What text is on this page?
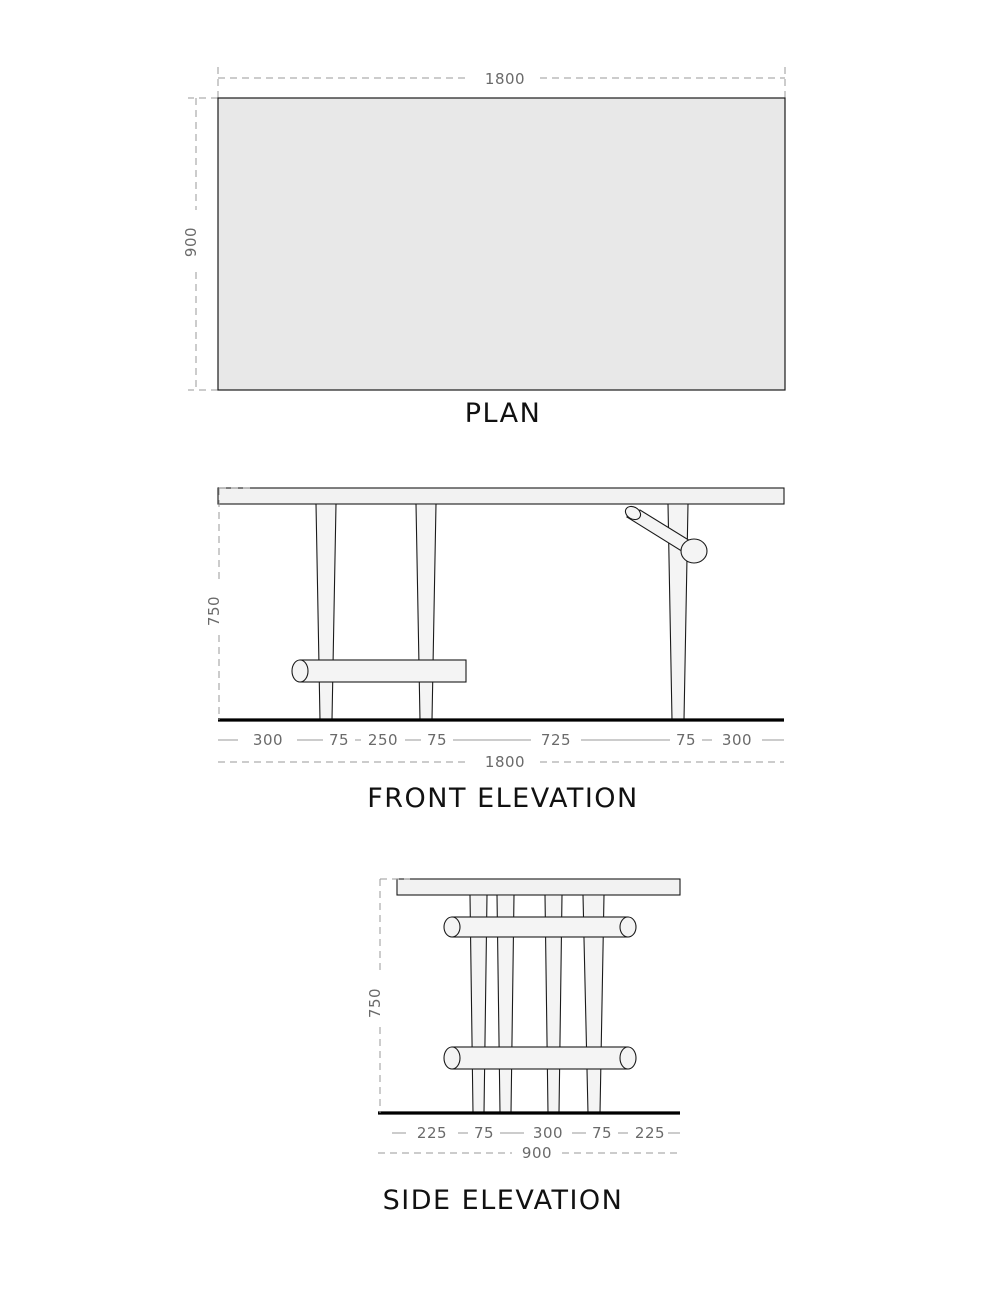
1800
900
PLAN
750
300	75 250 75	725	75 300
1800
FRONT ELEVATION
750
225 75	300 75 225
900
SIDE ELEVATION
